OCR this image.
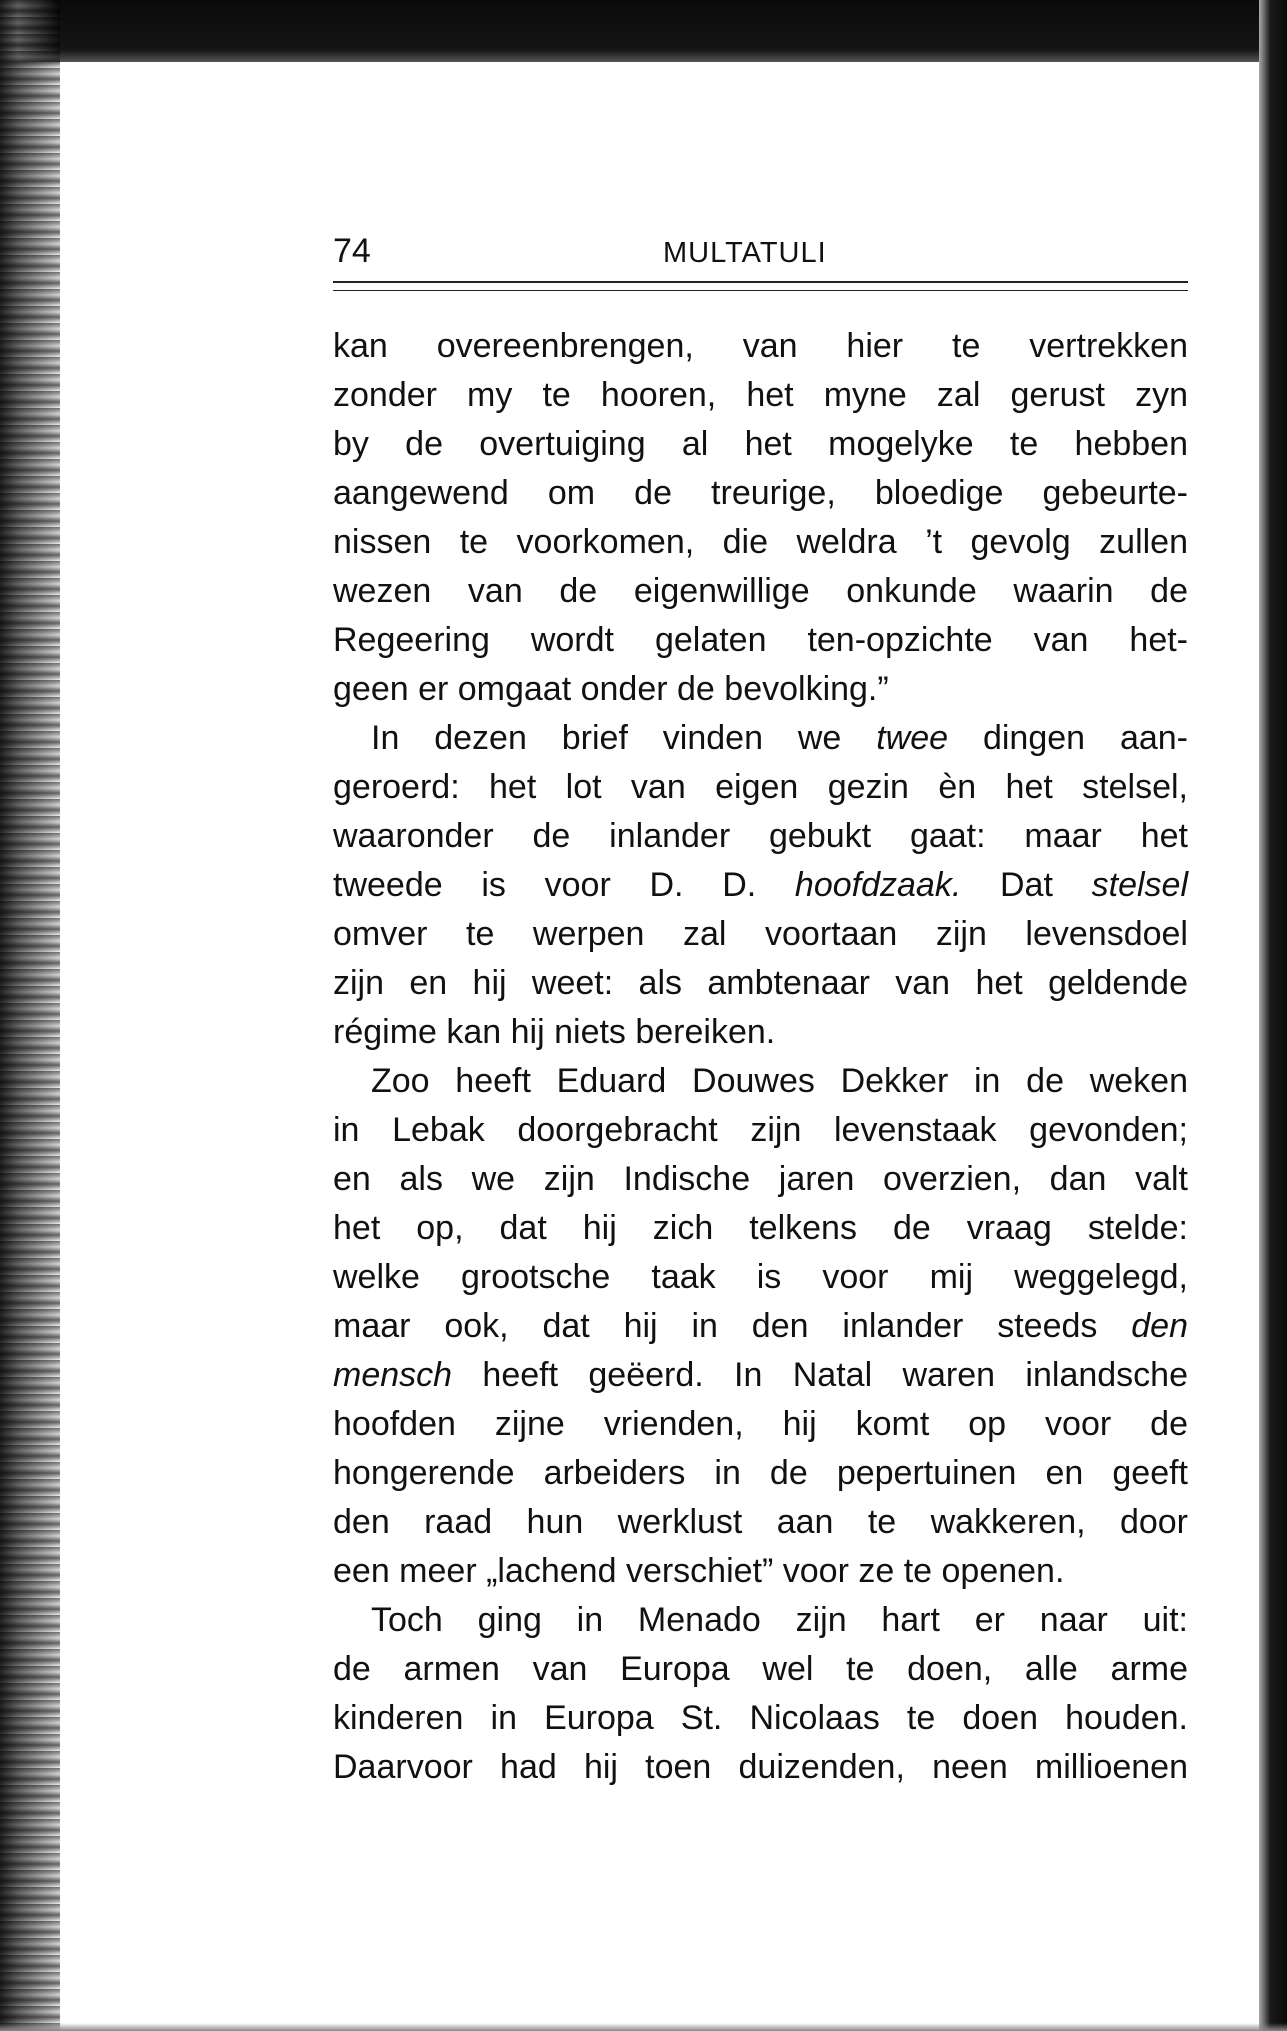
74	MULTATULI
kan overeenbrengen, van hier te vertrekken
zonder my te hooren, het myne zal gerust zyn
by de overtuiging al het mogelyke te hebben
aangewend om de treurige, bloedige gebeurte-
nissen te voorkomen, die weldra ’t gevolg zullen
wezen van de eigenwillige onkunde waarin de
Regeering wordt gelaten ten-opzichte van het-
geen er omgaat onder de bevolking.”
In dezen brief vinden we twee dingen aan-
geroerd: het lot van eigen gezin èn het stelsel,
waaronder de inlander gebukt gaat: maar het
tweede is voor D. D. hoofdzaak. Dat stelsel
omver te werpen zal voortaan zijn levensdoel
zijn en hij weet: als ambtenaar van het geldende
régime kan hij niets bereiken.
Zoo heeft Eduard Douwes Dekker in de weken
in Lebak doorgebracht zijn levenstaak gevonden;
en als we zijn Indische jaren overzien, dan valt
het op, dat hij zich telkens de vraag stelde:
welke grootsche taak is voor mij weggelegd,
maar ook, dat hij in den inlander steeds den
mensch heeft geëerd. In Natal waren inlandsche
hoofden zijne vrienden, hij komt op voor de
hongerende arbeiders in de pepertuinen en geeft
den raad hun werklust aan te wakkeren, door
een meer „lachend verschiet” voor ze te openen.
Toch ging in Menado zijn hart er naar uit:
de armen van Europa wel te doen, alle arme
kinderen in Europa St. Nicolaas te doen houden.
Daarvoor had hij toen duizenden, neen millioenen
